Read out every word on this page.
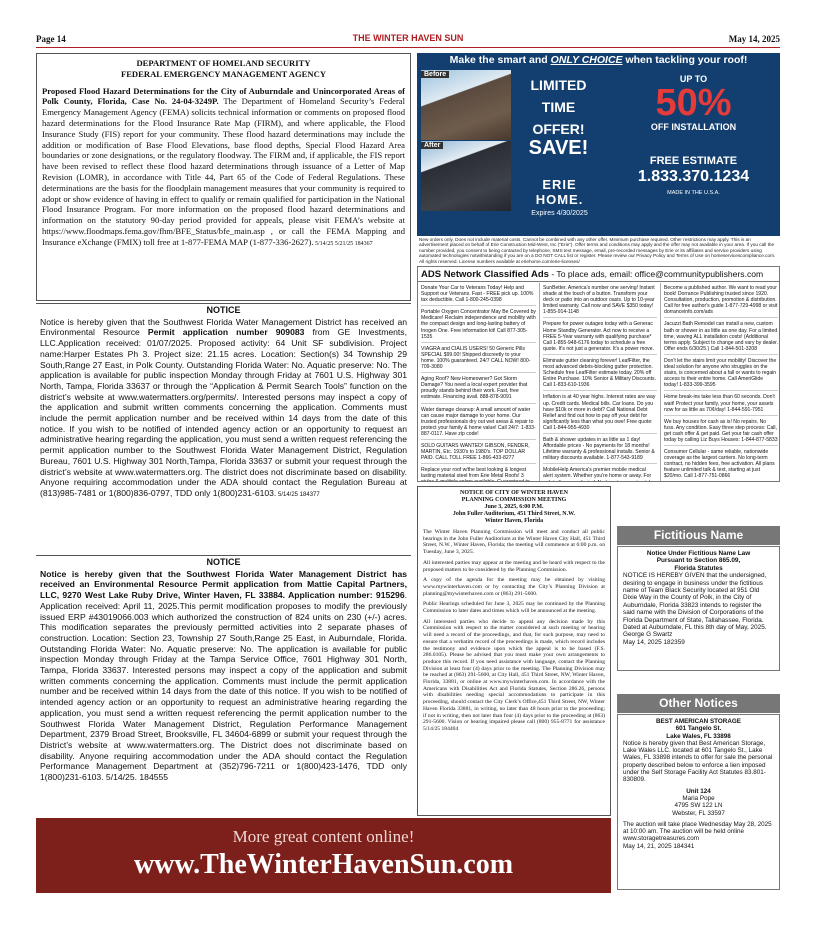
Page 14	THE WINTER HAVEN SUN	May 14, 2025
DEPARTMENT OF HOMELAND SECURITY
FEDERAL EMERGENCY MANAGEMENT AGENCY
Proposed Flood Hazard Determinations for the City of Auburndale and Unincorporated Areas of Polk County, Florida, Case No. 24-04-3249P. The Department of Homeland Security’s Federal Emergency Management Agency (FEMA) solicits technical information or comments on proposed flood hazard determinations for the Flood Insurance Rate Map (FIRM), and where applicable, the Flood Insurance Study (FIS) report for your community. These flood hazard determinations may include the addition or modification of Base Flood Elevations, base flood depths, Special Flood Hazard Area boundaries or zone designations, or the regulatory floodway. The FIRM and, if applicable, the FIS report have been revised to reflect these flood hazard determinations through issuance of a Letter of Map Revision (LOMR), in accordance with Title 44, Part 65 of the Code of Federal Regulations. These determinations are the basis for the floodplain management measures that your community is required to adopt or show evidence of having in effect to qualify or remain qualified for participation in the National Flood Insurance Program. For more information on the proposed flood hazard determinations and information on the statutory 90-day period provided for appeals, please visit FEMA’s website at https://www.floodmaps.fema.gov/fhm/BFE_Status/bfe_main.asp , or call the FEMA Mapping and Insurance eXchange (FMIX) toll free at 1-877-FEMA MAP (1-877-336-2627). 5/14/25 5/21/25 184367
NOTICE
Notice is hereby given that the Southwest Florida Water Management District has received an Environmental Resource Permit application number 909083 from GE Investments, LLC.Application received: 01/07/2025. Proposed activity: 64 Unit SF subdivision. Project name:Harper Estates Ph 3. Project size: 21.15 acres. Location: Section(s) 34 Township 29 South,Range 27 East, in Polk County. Outstanding Florida Water: No. Aquatic preserve: No. The application is available for public inspection Monday through Friday at 7601 U.S. Highway 301 North, Tampa, Florida 33637 or through the “Application & Permit Search Tools” function on the district’s website at www.watermatters.org/permits/. Interested persons may inspect a copy of the application and submit written comments concerning the application. Comments must include the permit application number and be received within 14 days from the date of this notice. If you wish to be notified of intended agency action or an opportunity to request an administrative hearing regarding the application, you must send a written request referencing the permit application number to the Southwest Florida Water Management District, Regulation Bureau, 7601 U.S. Highway 301 North,Tampa, Florida 33637 or submit your request through the district’s website at www.watermatters.org. The district does not discriminate based on disability. Anyone requiring accommodation under the ADA should contact the Regulation Bureau at (813)985-7481 or 1(800)836-0797, TDD only 1(800)231-6103. 5/14/25 184377
NOTICE
Notice is hereby given that the Southwest Florida Water Management District has received an Environmental Resource Permit application from Mattie Capital Partners, LLC, 9270 West Lake Ruby Drive, Winter Haven, FL 33884. Application number: 915296. Application received: April 11, 2025.This permit modification proposes to modify the previously issued ERP #43019066.003 which authorized the construction of 824 units on 230 (+/-) acres. This modification separates the previously permitted activities into 2 separate phases of construction. Location: Section 23, Township 27 South,Range 25 East, in Auburndale, Florida. Outstanding Florida Water: No. Aquatic preserve: No. The application is available for public inspection Monday through Friday at the Tampa Service Office, 7601 Highway 301 North, Tampa, Florida 33637. Interested persons may inspect a copy of the application and submit written comments concerning the application. Comments must include the permit application number and be received within 14 days from the date of this notice. If you wish to be notified of intended agency action or an opportunity to request an administrative hearing regarding the application, you must send a written request referencing the permit application number to the Southwest Florida Water Management District, Regulation Performance Management Department, 2379 Broad Street, Brooksville, FL 34604-6899 or submit your request through the District’s website at www.watermatters.org. The District does not discriminate based on disability. Anyone requiring accommodation under the ADA should contact the Regulation Performance Management Department at (352)796-7211 or 1(800)423-1476, TDD only 1(800)231-6103. 5/14/25. 184555
Make the smart and ONLY CHOICE when tackling your roof!
Before
After
LIMITED
TIME
OFFER!
SAVE!
UP TO
50%
OFF INSTALLATION
ERIE HOME.
Expires 4/30/2025
FREE ESTIMATE
1.833.370.1234
MADE IN THE U.S.A.
New orders only. Does not include material costs. Cannot be combined with any other offer. Minimum purchase required. Other restrictions may apply. This is an advertisement placed on behalf of Erie Construction Mid-West, Inc (“Erie”). Offer terms and conditions may apply and the offer may not available in your area. If you call the number provided, you consent to being contacted by telephone, SMS text message, email, pre-recorded messages by Erie or its affiliates and service providers using automated technologies notwithstanding if you are on a DO NOT CALL list or register. Please review our Privacy Policy and Terms of Use on homeservicescompliance.com. All rights reserved. License numbers available at eriehome.com/erie-licenses/
ADS Network Classified Ads - To place ads, email: office@communitypublishers.com

Donate Your Car to Veterans Today! Help and Support our Veterans. Fast - FREE pick up. 100% tax deductible. Call 1-800-245-0398

Portable Oxygen Concentrator May Be Covered by Medicare! Reclaim independence and mobility with the compact design and long-lasting battery of Inogen One. Free information kit! Call 877-305-1535

VIAGRA and CIALIS USERS! 50 Generic Pills SPECIAL $99.00! Shipped discreetly to your home. 100% guaranteed. 24/7 CALL NOW! 800-709-3080

Aging Roof? New Homeowner? Got Storm Damage? You need a local expert provider that proudly stands behind their work. Fast, free estimate. Financing avail. 888-878-9091

Water damage cleanup: A small amount of water can cause major damage to your home. Our trusted professionals dry out wet areas & repair to protect your family & home value! Call 24/7: 1-833-887-0117. Have zip code!

SOLD GUITARS WANTED! GIBSON, FENDER, MARTIN, Etc. 1930's to 1980's. TOP DOLLAR PAID. CALL TOLL FREE 1-866-433-8277

Replace your roof w/the best looking & longest lasting material steel from Erie Metal Roofs! 3

SunBetter. America's number one serving! Instant shade at the touch of a button. Transform your deck or patio into an outdoor oasis. Up to 10-year limited warranty. Call now and SAVE $350 today! 1-855-914-1148

Prepare for power outages today with a Generac Home Standby Generator. Act now to receive a FREE 5-Year warranty with qualifying purchase* Call 1-855-948-6176 today to schedule a free quote. It's not just a generator. It's a power move.

Eliminate gutter cleaning forever! LeafFilter, the most advanced debris-blocking gutter protection. Schedule free LeafFilter estimate today. 20% off Entire Purchase. 10% Senior & Military Discounts. Call 1-833-610-1936

Inflation is at 40 year highs. Interest rates are way up. Credit cards. Medical bills. Car loans. Do you have $10k or more in debt? Call National Debt Relief and find out how to pay off your debt for significantly less than what you owe! Free quote: Call 1-844-955-4930

Bath & shower updates in as little as 1 day! Affordable prices - No payments for 18 months! Lifetime warranty & professional installs. Senior & military discounts available. 1-877-543-9189

MobileHelp America's premier mobile medical alert system. Whether you're home or away. For

Become a published author. We want to read your book! Dorrance Publishing trusted since 1920. Consultation, production, promotion & distribution. Call for free author's guide 1-877-729-4998 or visit dorranceinfo.com/ads

Jacuzzi Bath Remodel can install a new, custom bath or shower in as little as one day. For a limited time, waving ALL installation costs! (Additional terms apply. Subject to change and vary by dealer. Offer ends 6/30/25.) Call 1-844-501-3208

Don't let the stairs limit your mobility! Discover the ideal solution for anyone who struggles on the stairs, is concerned about a fall or wants to regain access to their entire home. Call AmeriGlide today! 1-833-399-3595

Home break-ins take less than 60 seconds. Don't wait! Protect your family, your home, your assets now for as little as 70¢/day! 1-844-591-7951

We buy houses for cash as is! No repairs. No fuss. Any condition. Easy three step process: Call, get cash offer & get paid. Get your fair cash offer today by calling Liz Buys Houses: 1-844-877-5833

Consumer Cellular - same reliable, nationwide coverage as the largest carriers. No long-term contract, no hidden fees, free activation. All plans feature unlimited talk & text, starting at just $20/mo. Call 1-877-751-0866

NOTICE OF CITY OF WINTER HAVEN
PLANNING COMMISSION MEETING
June 3, 2025, 6:00 P.M.
John Fuller Auditorium, 451 Third Street, N.W.
Winter Haven, Florida

The Winter Haven Planning Commission will meet and conduct all public hearings in the John Fuller Auditorium at the Winter Haven City Hall, 451 Third Street, N.W., Winter Haven, Florida; the meeting will commence at 6:00 p.m. on Tuesday, June 3, 2025.

All interested parties may appear at the meeting and be heard with respect to the proposed matters to be considered by the Planning Commission.

A copy of the agenda for the meeting may be obtained by visiting www.mywinterhaven.com or by contacting the City’s Planning Division at planning@mywinterhaven.com or (863) 291-5600.

Public Hearings scheduled for June 3, 2025 may be continued by the Planning Commission to later dates and times which will be announced at the meeting.

All interested parties who decide to appeal any decision made by this Commission with respect to the matter considered at such meeting or hearing will need a record of the proceedings, and that, for such purpose, may need to ensure that a verbatim record of the proceedings is made, which record includes the testimony and evidence upon which the appeal is to be based (F.S. 286.0105). Please be advised that you must make your own arrangements to produce this record. If you need assistance with language, contact the Planning Division at least four (4) days prior to the meeting. The Planning Division may be reached at (863) 291-5600, at City Hall, 451 Third Street, NW, Winter Haven, Florida, 33881, or online at www.mywinterhaven.com. In accordance with the Americans with Disabilities Act and Florida Statutes, Section 286.26, persons with disabilities needing special accommodations to participate in this proceeding, should contact the City Clerk’s Office,451 Third Street, NW, Winter Haven Florida 33881, in writing, no later than 48 hours prior to the proceeding; if not in writing, then not later than four (4) days prior to the proceeding at (863) 291-5600. Vision or hearing impaired please call (800) 955-8771 for assistance 5/14/25 184404

Fictitious Name
Notice Under Fictitious Name Law
Pursuant to Section 865.09,
Florida Statutes
NOTICE IS HEREBY GIVEN that the undersigned, desiring to engage in business under the fictitious name of Team Black Security located at 951 Old Dixie Way in the County of Polk, in the City of Auburndale, Florida 33823 intends to register the said name with the Division of Corporations of the Florida Department of State, Tallahassee, Florida. Dated at Auburndale, FL this 8th day of May, 2025.
George G Swartz
May 14, 2025 182359
Other Notices
BEST AMERICAN STORAGE
601 Tangelo St.
Lake Wales, FL 33898
Notice is hereby given that Best American Storage, Lake Wales LLC. located at 601 Tangelo St., Lake Wales, FL 33898 intends to offer for sale the personal property described below to enforce a lien imposed under the Self Storage Facility Act Statutes 83.801-830809.
Unit 124
Maria Pope
4795 SW 122 LN
Webster, FL 33597
The auction will take place Wednesday May 28, 2025 at 10:00 am. The auction will be held online www.storagetreasures.com
May 14, 21, 2025 184341
More great content online!
www.TheWinterHavenSun.com
